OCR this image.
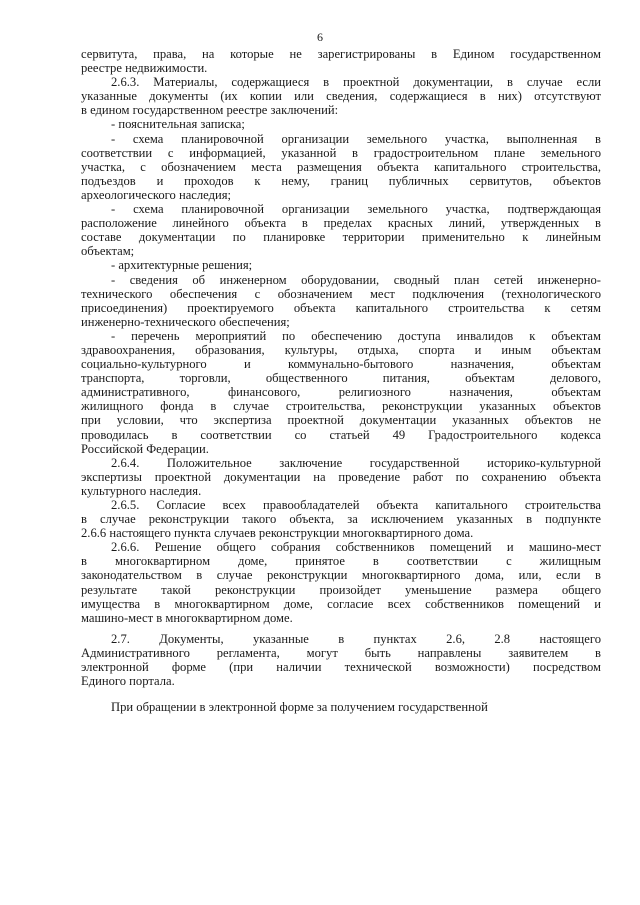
6
сервитута, права, на которые не зарегистрированы в Едином государственном
реестре недвижимости.
2.6.3. Материалы, содержащиеся в проектной документации, в случае если
указанные документы (их копии или сведения, содержащиеся в них) отсутствуют
в едином государственном реестре заключений:
- пояснительная записка;
- схема планировочной организации земельного участка, выполненная в
соответствии с информацией, указанной в градостроительном плане земельного
участка, с обозначением места размещения объекта капитального строительства,
подъездов и проходов к нему, границ публичных сервитутов, объектов
археологического наследия;
- схема планировочной организации земельного участка, подтверждающая
расположение линейного объекта в пределах красных линий, утвержденных в
составе документации по планировке территории применительно к линейным
объектам;
- архитектурные решения;
- сведения об инженерном оборудовании, сводный план сетей инженерно-
технического обеспечения с обозначением мест подключения (технологического
присоединения) проектируемого объекта капитального строительства к сетям
инженерно-технического обеспечения;
- перечень мероприятий по обеспечению доступа инвалидов к объектам
здравоохранения, образования, культуры, отдыха, спорта и иным объектам
социально-культурного и коммунально-бытового назначения, объектам
транспорта, торговли, общественного питания, объектам делового,
административного, финансового, религиозного назначения, объектам
жилищного фонда в случае строительства, реконструкции указанных объектов
при условии, что экспертиза проектной документации указанных объектов не
проводилась в соответствии со статьей 49 Градостроительного кодекса
Российской Федерации.
2.6.4. Положительное заключение государственной историко-культурной
экспертизы проектной документации на проведение работ по сохранению объекта
культурного наследия.
2.6.5. Согласие всех правообладателей объекта капитального строительства
в случае реконструкции такого объекта, за исключением указанных в подпункте
2.6.6 настоящего пункта случаев реконструкции многоквартирного дома.
2.6.6. Решение общего собрания собственников помещений и машино-мест
в многоквартирном доме, принятое в соответствии с жилищным
законодательством в случае реконструкции многоквартирного дома, или, если в
результате такой реконструкции произойдет уменьшение размера общего
имущества в многоквартирном доме, согласие всех собственников помещений и
машино-мест в многоквартирном доме.
2.7. Документы, указанные в пунктах 2.6, 2.8 настоящего
Административного регламента, могут быть направлены заявителем в
электронной форме (при наличии технической возможности) посредством
Единого портала.
При обращении в электронной форме за получением государственной
